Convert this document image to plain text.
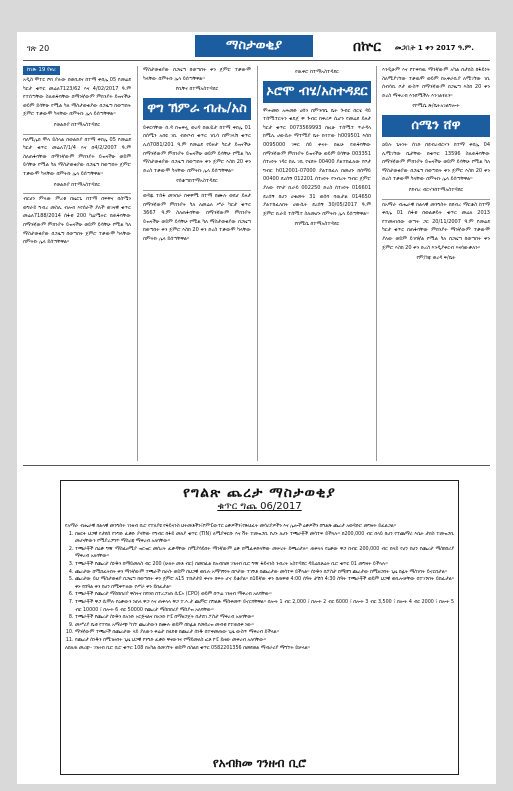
ገጽ 20	ማስታወቂያ	በኵር መጋቢት 1 ቀን 2017 ዓ.ም.
ከገጽ 19 የዞረ

አዲስ ሞተር ሾክ ያሉው በወቢደና ከተማ ቀበሌ 05 የመሬደ ካርታ ቁጥር መሬለ7123/62 እና 4/02/2017 ዓ.ም የተሰጣቸው ስለጠፋባቸው በማንኛውም ምክንያት ይዝናችሁ ወይም ይሳቸሁ የሚል ካለ ማስታወቂያው በጋዜጣ ከወጣበት ጀምሮ ተቃውሞ ካላቸው በምትኩ ሌላ ይሰጣቸዋል፡፡

የወልድያ ከተማአስተዳደር

ባለሚሌክ ሞላ ይስላል በወልድያ ከተማ ቀበሌ 05 የመሬደ ካርታ ቁጥር መሬለ7/1/4 እና በ4/2/2007 ዓ.ም ስለጠፋባቸው በማንኛውም ምክንያት ይዝናችሁ ወይም ይሳቸሁ የሚል ካለ ማስታወቂያው በጋዜጣ ከወጣበት ጀምሮ ተቃውሞ ካላቸው በምትኩ ሌላ ይሰጣቸዋል፡፡

የወልድያ ከተማአስተዳደር

ብርሀን ምላው ምረቱ በዜርጌ ከተማ በፍዋና በስሜን ወግራይ ግብረ መስሊ ብሎክ እየሰራች ያለች ወገናዊ ቁጥር መሬለ7188/2014 ሰፋቱ 200 ካሬሜትር በጠፋባቸው በማንኛውም ምክንያት ይዝናችሁ ወይም ይሳቸሁ የሚል ካለ ማስታወቂያው በጋዜጣ ከወጣበት ጀምሮ ተቃውሞ ካላቸው በምትኩ ሌላ ይሰጣቸዋል፡፡

ማስታወቂያው በጋዜጣ ከወጣበት ቀን ጀምሮ ተቃውሞ ካላቸው በምትኩ ሌላ ይሰጣቸዋል፡፡

የቢቸና ከተማአስተዳደር
ዋግ ኽምራ ብሔ/አስ

ይቀርባቸው ከ.ዳ በዝቅሏ ወረዳ በዉዷታ ከተማ ቀበሌ 01 በሰሜን አበዩ ገቢ ብድቦብ ቁጥር ገቢሳ በምገላሽ ቁጥር ሊሰ7081/201 ዓ.ም የመሬደ የይዞታ ካርታ ይዝናችሁ በማንኛውም ምክንያት ይዝናችሁ ወይም ይሳቸሁ የሚል ካለ ማስታወቂያው በጋዜጣ ከወጣበት ቀን ጀምሮ እስከ 20 ቀን ድረስ ተቃውሞ ካላቸው በምትኩ ሌላ ይሰጣቸዋል፡፡

የሰቆጣከተማአስተዳደር

ወዳጁ ተሰፋ መንበራ በቀዋሚ ከተማ በሙሉ ወደሆ ይዞታ በማንኛውም ምክንያት ካለ ለመሬለ ሥራ ካርታ ቁጥር 3667 ዓ.ም ስለጠፋባቸው በማንኛውም ምክንያት ይዝናችሁ ወይም ይሳቸሁ የሚል ካለ ማስታወቂያው በጋዜጣ ከወጣበት ቀን ጀምሮ እስከ 20 ቀን ድረስ ተቃውሞ ካላቸው በምትኩ ሌላ ይሰጣቸዋል፡፡

የዉቅሮ ከተማአስተዳደር
ኦሮሞ ብሄ/አስተዳደር

ሞሐመድ አሕመድ ሀሰን በምንባቤ ቤት ጉብር በርሂ ዳይ ተሰሚተርትን ቁዴጀ ዋ ጉብር ከቀሪዎ ሲሆን የመሬደ ይዞታ ካርታ ቁጥር 0073569993 በዚሁ ተሰሚተ ጥራዳላ ከሚሊ ሀውሲት ማተሚያ ቤት ኩነተው h009501 እሰከ 0095000 ገፍር ሰይ ቀናት በዚሁ የጠፋባቸው በማንኛውም ምክንያት ይዝናችሁ ወይም ይሳቸሁ 003351 ሰተፀነት ገዳር ከሊ ገቢ የሂደት 00400 ያልተከፈለው የቦታ ግብር h012001-07000 ያልተከፈለ በመሆኑ ከሰማይ 00400 ደረሰኝ 012201 ሰተፀነት የንብረት ግብር ጀምሮ ያለው የቦታ ኪራይ 002250 ድረስ ሰተፀነት 016601 ደረሰኝ ከሆነ ሀቂመት 31 ወሰባ ባዉታል 014650 ያልተከፈለበት ሀውሲት ደረሰኝ 30/05/2017 ዓ.ም ጀምሮ ኪራይ ተሰሚተ ስለመሆኑ በምትኩ ሌላ ይሰጣቸዋል፡፡

የከሚሴ ከተማአስተዳደር

እንዲሁም እና የተቀባዉ ማንኛውም አካል በታክስ ከፋይነት ስለሚያገኘው ተቃዉሞ ወይም በአቅራቢያ ለሚገኘው ገቢ ሰብሳቢ ቦታ ውስጥ በማንኛውም በጋዜጣ እስከ 20 ቀን ድረስ ማቅረብ እንደሚችሉ እንገልፃለን፡፡

የኮሚሴ ጽ/ቤትአገልግሎት
ሰሜን ሸዋ

ኃይሉ ጌትነት ሰገድ በደብረብርሃን ከተማ ቀበሌ 04 ሊሚገኘው ቤታቸው በቁጥር 13596 ስለጠፋባቸው በማንኛውም ምክንያት ይዝናችሁ ወይም ይሳቸሁ የሚል ካለ ማስታወቂያው በጋዜጣ ከወጣበት ቀን ጀምሮ እስከ 20 ቀን ድረስ ተቃውሞ ካላቸው በምትኩ ሌላ ይሰጣቸዋል፡፡

የደብረ ብርሃንከተማአስተዳደር

በአማራ ብሔራዊ ክልላዊ መንግስት በደብረ ማርቆስ ከተማ ቀበሌ 01 ሰፋቱ በወልቃይት ቁጥር መሬለ 2013 የተመዘገበው ወጣት ጋር 20/11/2007 ዓ.ም የመሬደ ካርታ ቁጥር በጠፋባቸው ምክንያት ማንኛውም ተቃውሞ ያለው ወይም ይገባኛል የሚል ካለ በጋዜጣ ከወጣበት ቀን ጀምሮ እስከ 20 ቀን ድረስ እንዲያቀርብ እናሳውቃለን፡፡

የም/ጎጃ ወረዳ ፍ/ቤት
የግልጽ ጨረታ ማስታወቂያ
ቁጥር ግጨ 06/2017

የአማራ ብሔራዊ ክልላዊ መንግስት ገንዘብ ቢሮ የተለያዩ የፋይናንስ ህትመቶችን፣ኮምፒውተር ዕቃዎችን፣የጽህፈት መሳሪያዎችን እና ሌሎች ዕቃዎችን በግልጽ ጨረታ አወዳድሮ መግዛት ይፈልጋል፡፡

1. በዘርፉ ህጋዊ የታደሰ የንግድ ፈቃድ ያላቸው የግብር ከፋይ መለያ ቁጥር (TIN) ለሚያቀርቡ እና ቫት ተመዝጋቢ የሆኑ ለሆኑ ተጫራቾች መሳተፍ ይችላሉ፡፡ ከ200,000 ብር በላይ ከሆነ የተጨማሪ እሴት ታክስ ተመዝጋቢ መሆናቸውን የሚያረጋግጥ ማስረጃ ማቅረብ አለባቸው፡፡
2. ተጫራቾች በዕቃ ግዥ ማስፈፀሚያ ዝርዝር መሰረት ፈቃዳቸው በሚያሳይበት ማንኛውም ዕቃ በሚፈቀድላቸው መሠረት ይጫረታሉ፡፡ ጠቅላላ የዕቃው ዋጋ ከብር 200,000 ብር በላይ የሆነ ከሆነ የጨረታ ማስከበሪያ ማቅረብ አለባቸው፡፡
3. ተጫራቾች የጨረታ ሰነዱን በማይመለስ ብር 200 (ሁለት መቶ ብር) በመክፈል ከአብክመ ገንዘብ ቢሮ ግዥ ፋይናንስ ንብረት አስተዳደር ዳይሬክቶሬት ቢሮ ቁጥር 01 መግዛት ይችላሉ፡፡
4. ጨረታው በሚከፈትበት ቀን ማንኛውም ተጫራች በራሱ ወይም በህጋዊ ወኪሉ አማካኝነት በቦታው ተገኝቶ በጨረታው መሳተፍ ይችላል፡፡ ሰነዱን በፖስታ በማሸግ ጨረታው ከሚዘጋበት ጊዜ በፊት ማስገባት ይኖርበታል፡፡
5. ጨረታው ይህ ማስታወቂያ በጋዜጣ ከወጣበት ቀን ጀምሮ ለ15 ተከታታይ ቀናት ክፍት ሆኖ ይቆያል፡፡ በ16ኛው ቀን ከጠዋቱ 4:00 ሰዓት ታሽጎ 4:30 ሰዓት ተጫራቾች ወይም ህጋዊ ወኪሎቻቸው በተገኙበት ይከፈታል፡፡ ቀኑ የበዓል ቀን ከሆነ በሚቀጥለው የሥራ ቀን ይከፈታል፡፡
6. ተጫራቾች የጨረታ ማስከበሪያ ዋስትና ከባንክ በተረጋገጠ ሲፒኦ (CPO) ወይም በጥሬ ገንዘብ ማቅረብ አለባቸው፡፡
7. ተጫራቾች ዋጋ ሲሞሉ የዕቃውን ነጠላ ዋጋ እና ጠቅላላ ዋጋ ተ.እ.ታ ጨምሮ በግልጽ ማስቀመጥ ይኖርባቸዋል፡፡ በሎት 1 ብር 2,000 ፣ በሎት 2 ብር 6000 ፣ በሎት 3 ብር 3,500 ፣ በሎት 4 ብር 2000 ፣ በሎት 5 ብር 10000 ፣ በሎት 6 ብር 50000 የጨረታ ማስከበሪያ ማስያዝ አለባቸው፡፡
8. ተጫራቾች የጨረታ ሰነዱን በአንድ ኦርጅናልና በአንድ ኮፒ በማዘጋጀት በታሸገ ፖስታ ማቅረብ አለባቸው፡፡
9. መሥሪያ ቤቱ የተሻለ አማራጭ ካገኘ ጨረታውን በሙሉ ወይም በከፊል የመሰረዝ መብቱ የተጠበቀ ነው፡፡
10. ማንኛውም ተጫራች በጨረታው ላይ ያለውን ቅሬታ በሂደቱ በጨረታ ሰነዱ በተቀመጠው ጊዜ ውስጥ ማቅረብ ይችላል፡፡
11. የጨረታ ሰነዱን በሚገዙበት ጊዜ ህጋዊ የንግድ ፈቃድ ዋናውንና የማይመለስ ፎቶ ኮፒ ይዘው መቅረብ አለባቸው፡፡

ለበለጠ መረጃ፡- ገንዘብ ቢሮ ቢሮ ቁጥር 108 በአካል በመገኘት ወይም በስልክ ቁጥር 0582201356 በመደወል ማብራሪያ ማግኘት ይቻላል፡፡

የአብክመ ገንዘብ ቢሮ
